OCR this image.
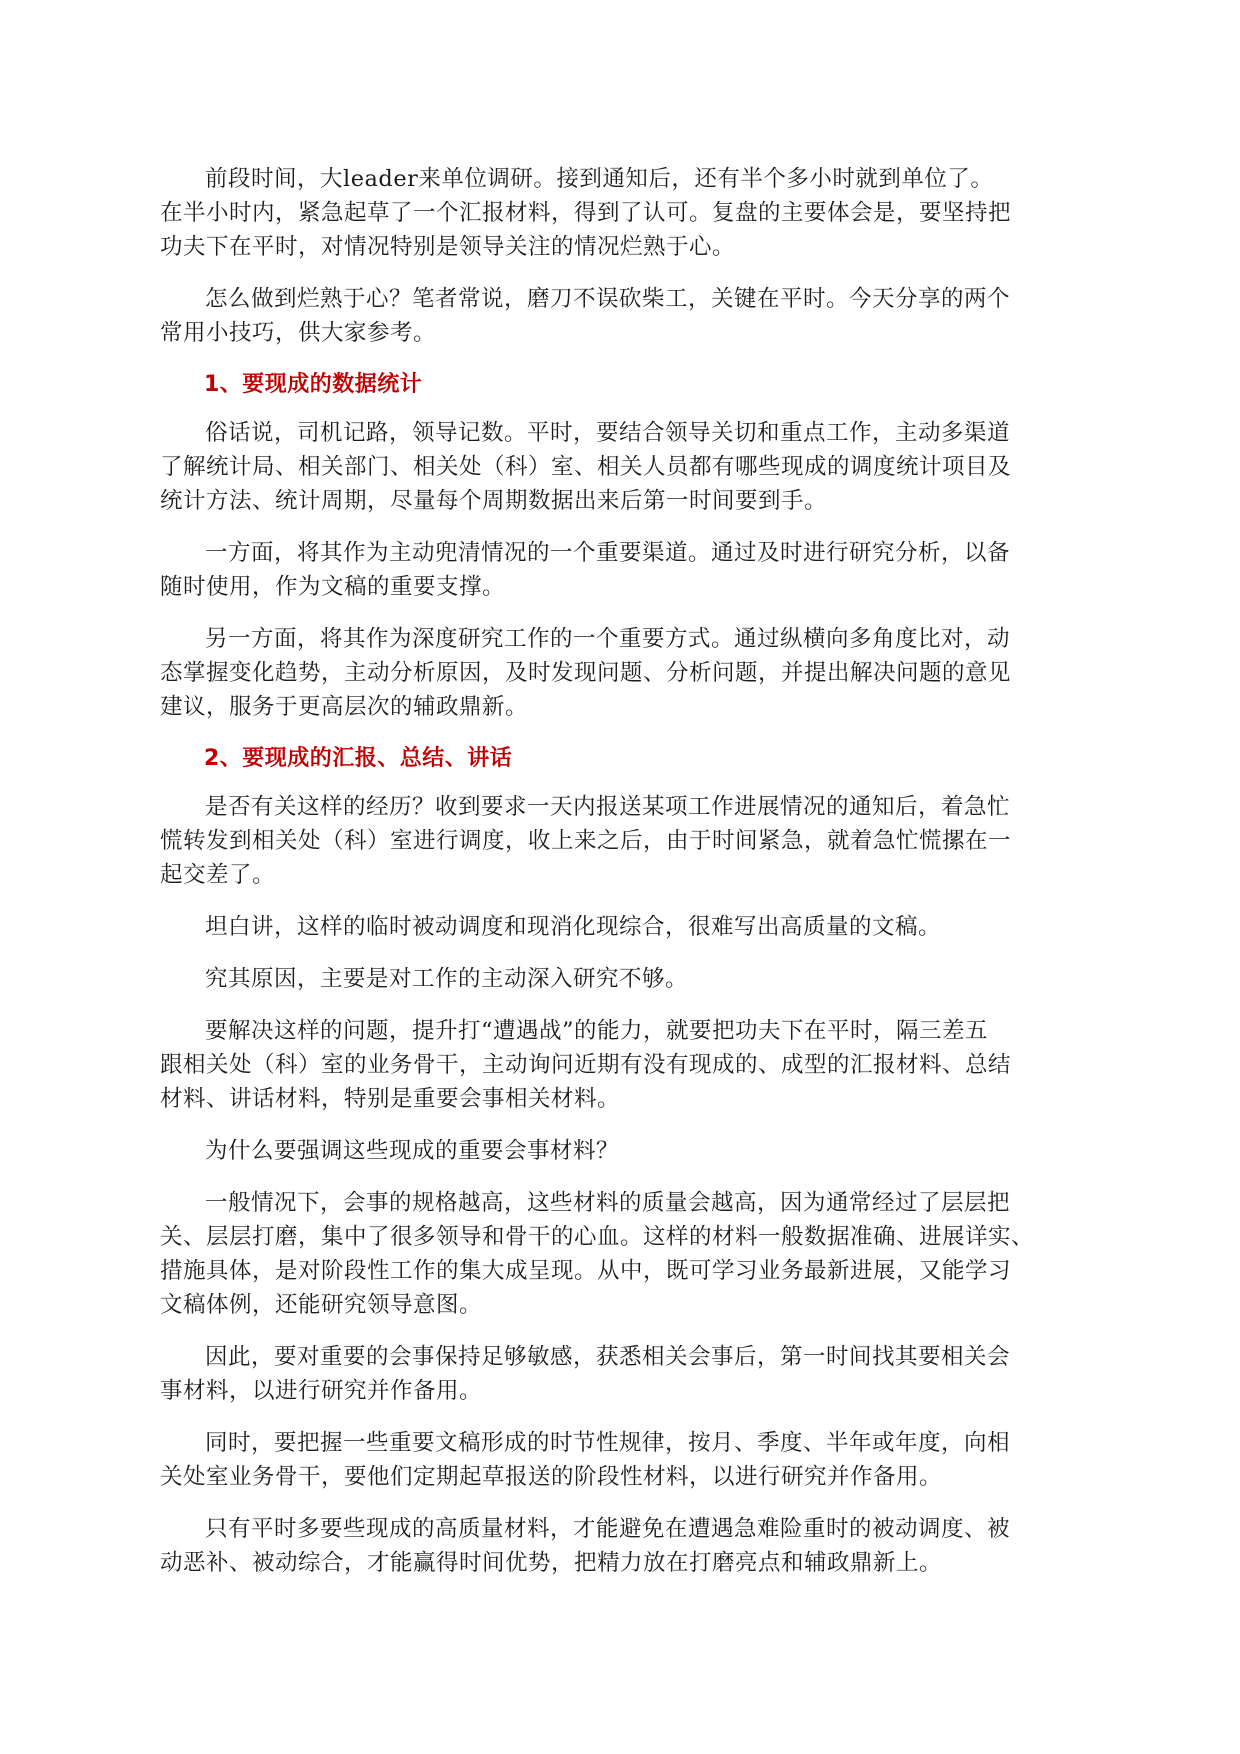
前段时间，大leader来单位调研。接到通知后，还有半个多小时就到单位了。
在半小时内，紧急起草了一个汇报材料，得到了认可。复盘的主要体会是，要坚持把
功夫下在平时，对情况特别是领导关注的情况烂熟于心。
怎么做到烂熟于心？笔者常说，磨刀不误砍柴工，关键在平时。今天分享的两个
常用小技巧，供大家参考。
1、要现成的数据统计
俗话说，司机记路，领导记数。平时，要结合领导关切和重点工作，主动多渠道
了解统计局、相关部门、相关处（科）室、相关人员都有哪些现成的调度统计项目及
统计方法、统计周期，尽量每个周期数据出来后第一时间要到手。
一方面，将其作为主动兜清情况的一个重要渠道。通过及时进行研究分析，以备
随时使用，作为文稿的重要支撑。
另一方面，将其作为深度研究工作的一个重要方式。通过纵横向多角度比对，动
态掌握变化趋势，主动分析原因，及时发现问题、分析问题，并提出解决问题的意见
建议，服务于更高层次的辅政鼎新。
2、要现成的汇报、总结、讲话
是否有关这样的经历？收到要求一天内报送某项工作进展情况的通知后，着急忙
慌转发到相关处（科）室进行调度，收上来之后，由于时间紧急，就着急忙慌摞在一
起交差了。
坦白讲，这样的临时被动调度和现消化现综合，很难写出高质量的文稿。
究其原因，主要是对工作的主动深入研究不够。
要解决这样的问题，提升打“遭遇战”的能力，就要把功夫下在平时，隔三差五
跟相关处（科）室的业务骨干，主动询问近期有没有现成的、成型的汇报材料、总结
材料、讲话材料，特别是重要会事相关材料。
为什么要强调这些现成的重要会事材料？
一般情况下，会事的规格越高，这些材料的质量会越高，因为通常经过了层层把
关、层层打磨，集中了很多领导和骨干的心血。这样的材料一般数据准确、进展详实、
措施具体，是对阶段性工作的集大成呈现。从中，既可学习业务最新进展，又能学习
文稿体例，还能研究领导意图。
因此，要对重要的会事保持足够敏感，获悉相关会事后，第一时间找其要相关会
事材料，以进行研究并作备用。
同时，要把握一些重要文稿形成的时节性规律，按月、季度、半年或年度，向相
关处室业务骨干，要他们定期起草报送的阶段性材料，以进行研究并作备用。
只有平时多要些现成的高质量材料，才能避免在遭遇急难险重时的被动调度、被
动恶补、被动综合，才能赢得时间优势，把精力放在打磨亮点和辅政鼎新上。
